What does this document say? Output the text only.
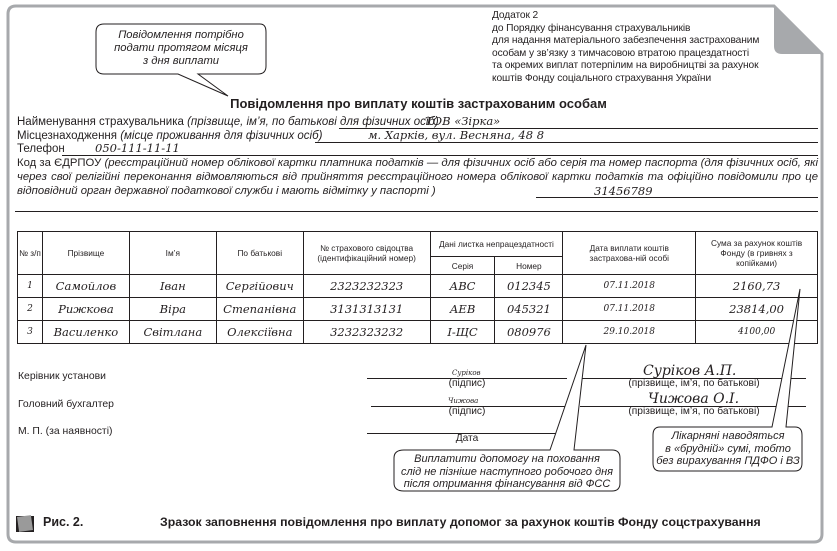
Додаток 2
до Порядку фінансування страхувальників
для надання матеріального забезпечення застрахованим
особам у зв’язку з тимчасовою втратою працездатності
та окремих виплат потерпілим на виробництві за рахунок
коштів Фонду соціального страхування України
Повідомлення потрібно
подати протягом місяця
з дня виплати
Повідомлення про виплату коштів застрахованим особам
Найменування страхувальника (прізвище, ім’я, по батькові для фізичних осіб)
ТОВ «Зірка»
Місцезнаходження (місце проживання для фізичних осіб)	м. Харків, вул. Весняна, 48 8
Телефон	050-111-11-11
Код за ЄДРПОУ (реєстраційний номер облікової картки платника податків — для фізичних осіб або серія та номер паспорта (для фізичних осіб, які через свої релігійні переконання відмовляються від прийняття реєстраційного номера облікової картки податків та офіційно повідомили про це відповідний орган державної податкової служби і мають відмітку у паспорті )	31456789
№ з/п	Прізвище	Ім’я	По батькові	№ страхового свідоцтва (ідентифікаційний номер)	Дані листка непрацездатності		Дата виплати коштів застрахова-ній особі	Сума за рахунок коштів Фонду (в гривнях з копійками)
					Серія	Номер		
1	Самойлов	Іван	Сергійович	2323232323	АВС	012345	07.11.2018	2160,73
2	Рижкова	Віра	Степанівна	3131313131	АЕВ	045321	07.11.2018	23814,00
3	Василенко	Світлана	Олексіївна	3232323232	І-ЩС	080976	29.10.2018	4100,00
Керівник установи
Головний бухгалтер
М. П. (за наявності)
Сурiков
(підпис)
Суріков А.П.
(прізвище, ім’я, по батькові)
Чижова
(підпис)
Чижова О.І.
(прізвище, ім’я, по батькові)
Дата
Виплатити допомогу на поховання
слід не пізніше наступного робочого дня
після отримання фінансування від ФСС
Лікарняні наводяться
в «брудній» сумі, тобто
без вирахування ПДФО і ВЗ
Рис. 2.	Зразок заповнення повідомлення про виплату допомог за рахунок коштів Фонду соцстрахування
